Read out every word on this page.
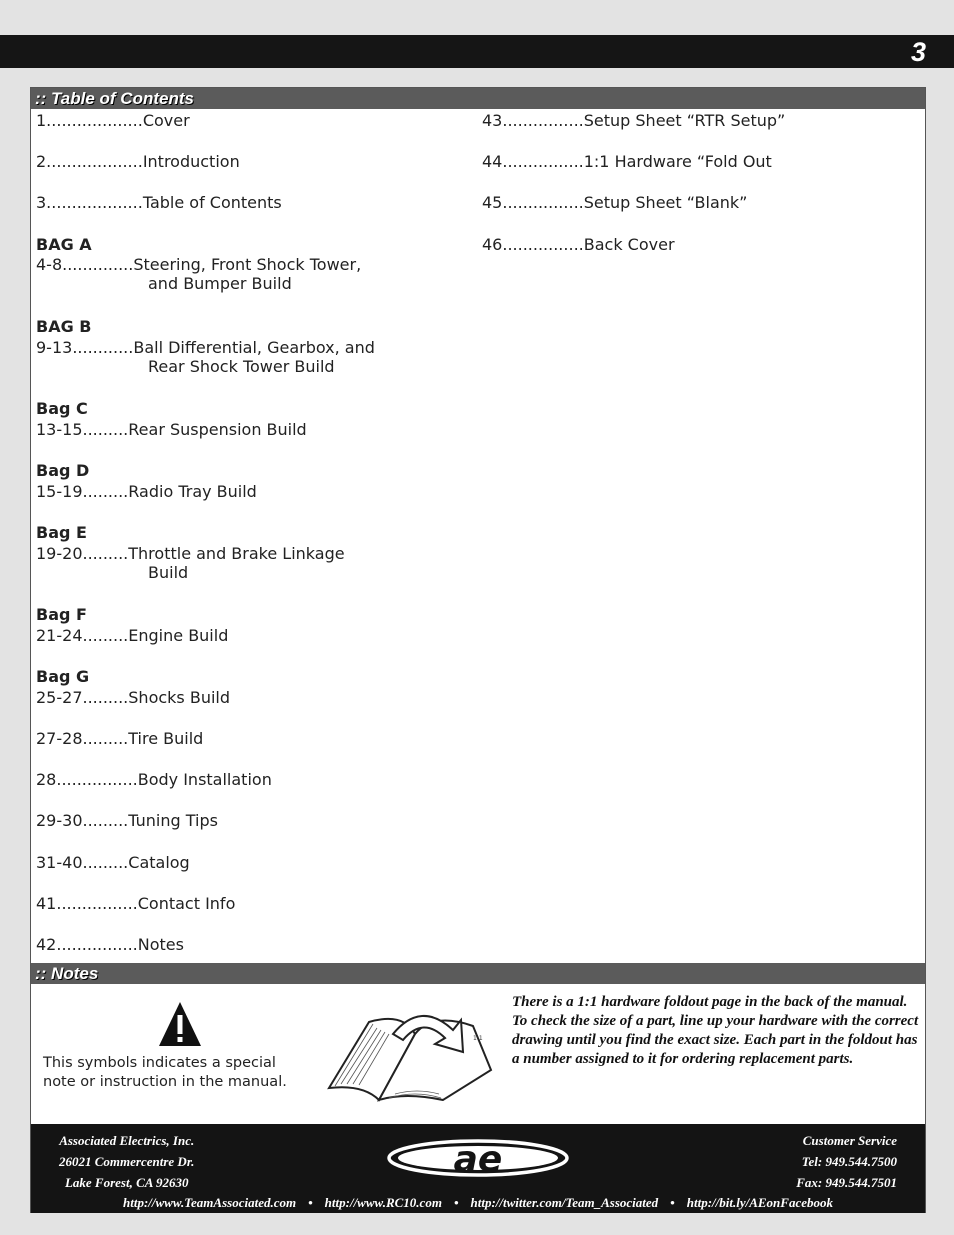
3
:: Table of Contents
1...................Cover
2...................Introduction
3...................Table of Contents
BAG A
4-8..............Steering, Front Shock Tower,
and Bumper Build
BAG B
9-13............Ball Differential, Gearbox, and
Rear Shock Tower Build
Bag C
13-15.........Rear Suspension Build
Bag D
15-19.........Radio Tray Build
Bag E
19-20.........Throttle and Brake Linkage
Build
Bag F
21-24.........Engine Build
Bag G
25-27.........Shocks Build
27-28.........Tire Build
28................Body Installation
29-30.........Tuning Tips
31-40.........Catalog
41................Contact Info
42................Notes
43................Setup Sheet “RTR Setup”
44................1:1 Hardware “Fold Out
45................Setup Sheet “Blank”
46................Back Cover
:: Notes
This symbols indicates a special note or instruction in the manual.
1:1
There is a 1:1 hardware foldout page in the back of the manual. To check the size of a part, line up your hardware with the correct drawing until you find the exact size. Each part in the foldout has a number assigned to it for ordering replacement parts.
Associated Electrics, Inc.
26021 Commercentre Dr.
Lake Forest, CA 92630
ae	Customer Service
Tel: 949.544.7500
Fax: 949.544.7501
http://www.TeamAssociated.com • http://www.RC10.com • http://twitter.com/Team_Associated • http://bit.ly/AEonFacebook
